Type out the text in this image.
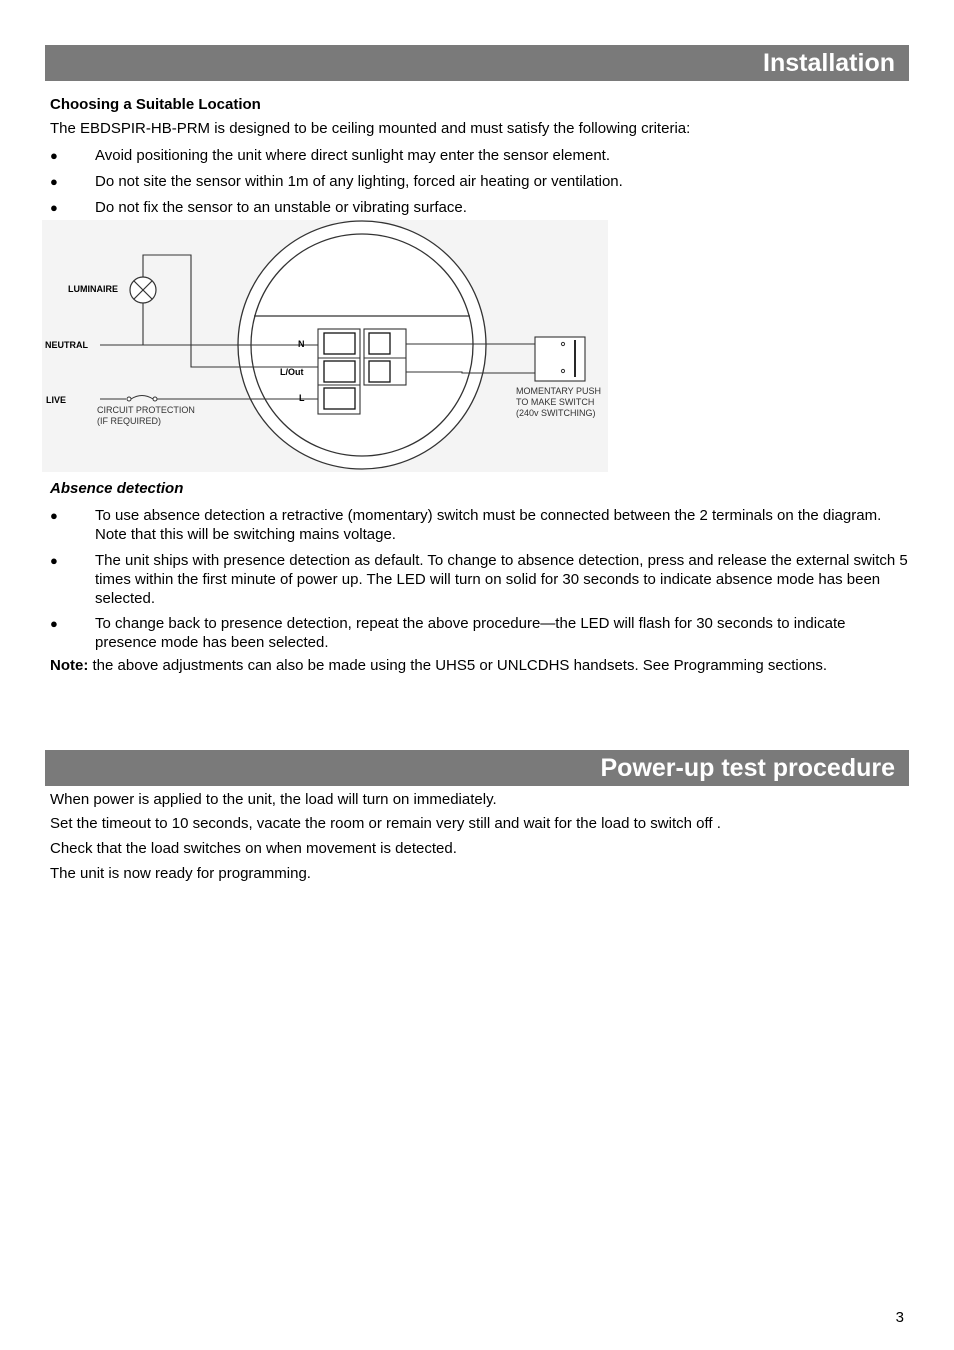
Installation
Choosing a Suitable Location
The EBDSPIR-HB-PRM is designed to be ceiling mounted and must satisfy the following criteria:
● Avoid positioning the unit where direct sunlight may enter the sensor element.
● Do not site the sensor within 1m of any lighting, forced air heating or ventilation.
● Do not fix the sensor to an unstable or vibrating surface.
LUMINAIRE
NEUTRAL
LIVE
N
L/Out
L
CIRCUIT PROTECTION
(IF REQUIRED)
MOMENTARY PUSH
TO MAKE SWITCH
(240v SWITCHING)
Absence detection
● To use absence detection a retractive (momentary) switch must be connected between the 2 terminals on the diagram. Note that this will be switching mains voltage.
● The unit ships with presence detection as default. To change to absence detection, press and release the external switch 5 times within the first minute of power up. The LED will turn on solid for 30 seconds to indicate absence mode has been selected.
● To change back to presence detection, repeat the above procedure—the LED will flash for 30 seconds to indicate presence mode has been selected.
Note: the above adjustments can also be made using the UHS5 or UNLCDHS handsets. See Programming sections.
Power-up test procedure
When power is applied to the unit, the load will turn on immediately.
Set the timeout to 10 seconds, vacate the room or remain very still and wait for the load to switch off .
Check that the load switches on when movement is detected.
The unit is now ready for programming.
3
